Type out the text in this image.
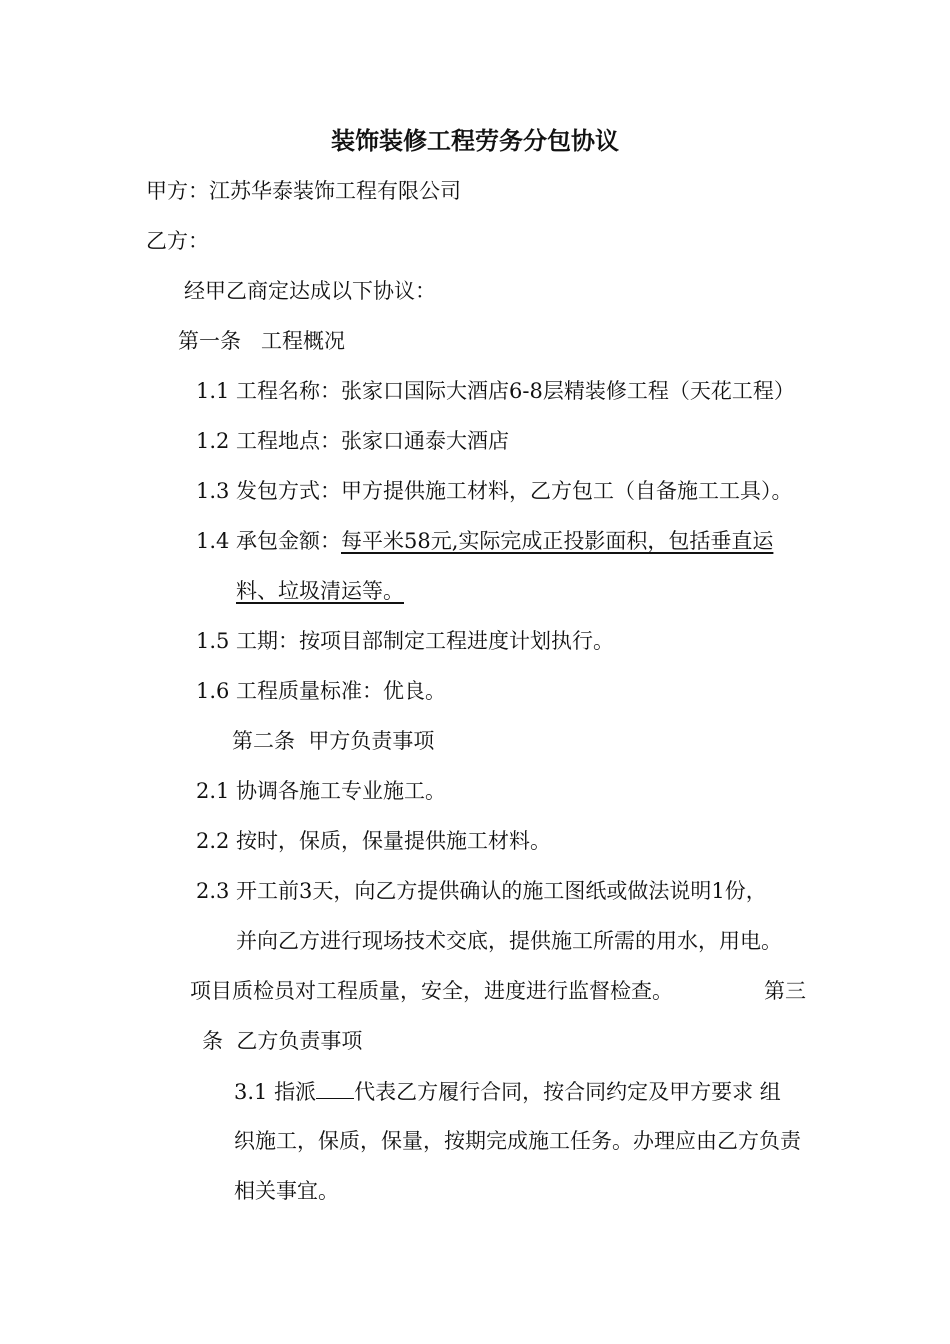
装饰装修工程劳务分包协议
甲方：江苏华泰装饰工程有限公司
乙方：
经甲乙商定达成以下协议：
第一条   工程概况
1.1 工程名称：张家口国际大酒店6-8层精装修工程（天花工程）
1.2 工程地点：张家口通泰大酒店
1.3 发包方式：甲方提供施工材料，乙方包工（自备施工工具）。
1.4 承包金额：每平米58元,实际完成正投影面积，包括垂直运
料、垃圾清运等。
1.5 工期：按项目部制定工程进度计划执行。
1.6 工程质量标准：优良。
第二条  甲方负责事项
2.1 协调各施工专业施工。
2.2 按时，保质，保量提供施工材料。
2.3 开工前3天，向乙方提供确认的施工图纸或做法说明1份，
并向乙方进行现场技术交底，提供施工所需的用水，用电。
项目质检员对工程质量，安全，进度进行监督检查。	第三
条  乙方负责事项
3.1 指派 代表乙方履行合同，按合同约定及甲方要求 组
织施工，保质，保量，按期完成施工任务。办理应由乙方负责
相关事宜。
